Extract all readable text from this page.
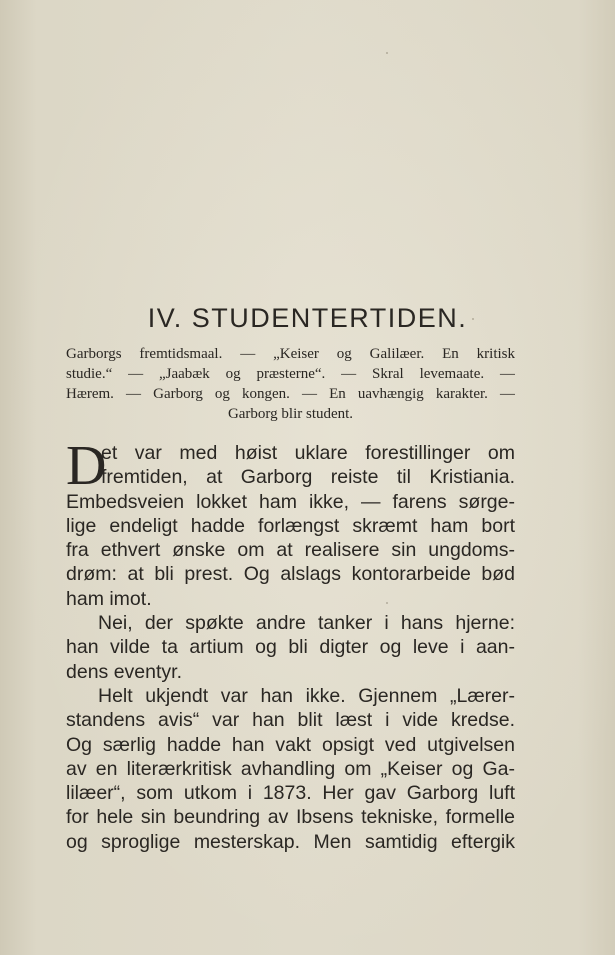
IV. STUDENTERTIDEN.
Garborgs fremtidsmaal. — „Keiser og Galilæer. En kritisk
studie.“ — „Jaabæk og præsterne“. — Skral levemaate. —
Hærem. — Garborg og kongen. — En uavhængig karakter. —
Garborg blir student.
D
et var med høist uklare forestillinger om
fremtiden, at Garborg reiste til Kristiania.
Embedsveien lokket ham ikke, — farens sørge-
lige endeligt hadde forlængst skræmt ham bort
fra ethvert ønske om at realisere sin ungdoms-
drøm: at bli prest. Og alslags kontorarbeide bød
ham imot.
Nei, der spøkte andre tanker i hans hjerne:
han vilde ta artium og bli digter og leve i aan-
dens eventyr.
Helt ukjendt var han ikke. Gjennem „Lærer-
standens avis“ var han blit læst i vide kredse.
Og særlig hadde han vakt opsigt ved utgivelsen
av en literærkritisk avhandling om „Keiser og Ga-
lilæer“, som utkom i 1873. Her gav Garborg luft
for hele sin beundring av Ibsens tekniske, formelle
og sproglige mesterskap. Men samtidig eftergik
